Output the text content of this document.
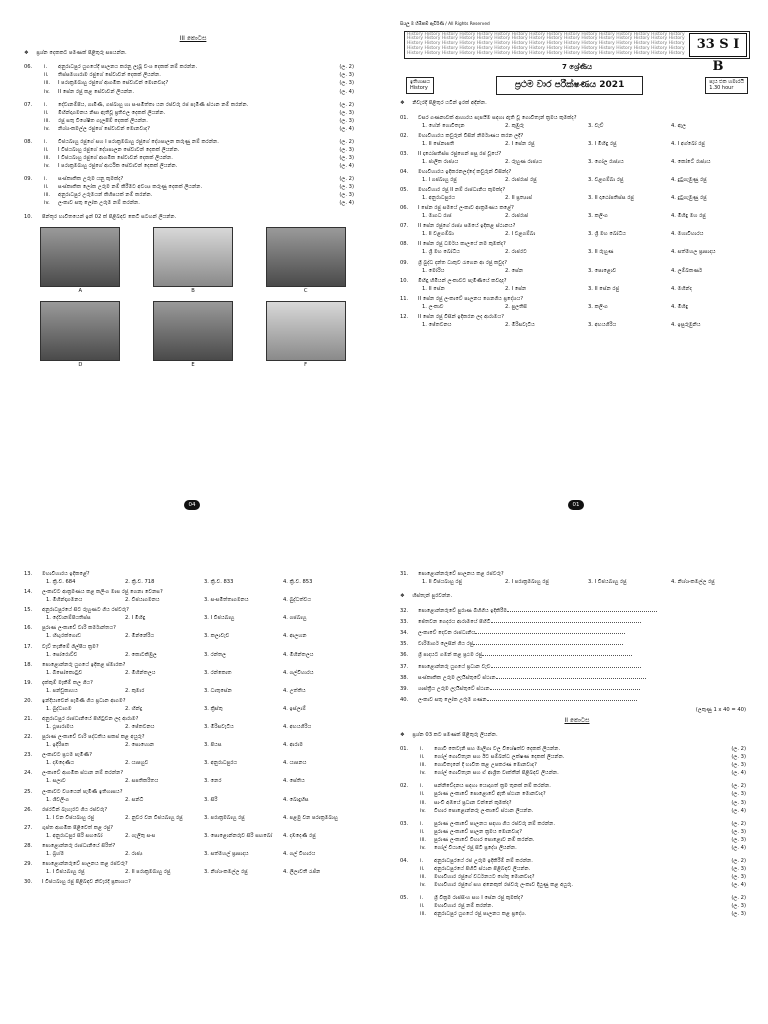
III කොටස
❖ ප්‍රශ්න දෙකකට පමණක් පිළිතුරු සපයන්න.
06. i. අනුරාධපුර යුගයේදී පාලනය කරනු ලැබූ වංශ දෙකක් නම් කරන්න.	(ල. 2)
ii. තිස්සමහාරාම රජුගේ සේවාවන් දෙකක් ලියන්න.	(ල. 3)
iii. I පරාක්‍රමබාහු රජුගේ ආගමික සේවාවන් මොනවාද?	(ල. 3)
iv. II සේන රජු කළ සේවාවන් ලියන්න.	(ල. 4)
07. i. දේවානම්පිය, ගාමිණී, ගජබාහු හා සංඝමිත්තා යන රජවරු රජ පැමිණි ස්ථාන නම් කරන්න.	(ල. 2)
ii. මිහින්දාගමනය නිසා ඇතිවූ ප්‍රතිඵල දෙකක් ලියන්න.	(ල. 3)
iii. රජු සතු විශේෂිත ගැලපීම් දෙකක් ලියන්න.	(ල. 3)
iv. නිශ්ශංකමල්ල රජුගේ සේවාවන් මොනවාද?	(ල. 4)
08. i. විජයබාහු රජුගේ සහ I පරාක්‍රමබාහු රජුගේ දේශපාලන කරුණු නම් කරන්න.	(ල. 2)
ii. I විජයබාහු රජුගේ දේශපාලන සේවාවන් දෙකක් ලියන්න.	(ල. 3)
iii. I විජයබාහු රජුගේ ආගමික සේවාවන් දෙකක් ලියන්න.	(ල. 3)
iv. I පරාක්‍රමබාහු රජුගේ ආර්ථික සේවාවන් දෙකක් ලියන්න.	(ල. 4)
09. i. සංස්කෘතික උරුම යනු කුමක්ද?	(ල. 2)
ii. සංස්කෘතික ලෝක උරුම නම් කිරීමට අවශ්‍ය කරුණු දෙකක් ලියන්න.	(ල. 3)
iii. අනුරාධපුර උරුමයන් කිහිපයක් නම් කරන්න.	(ල. 3)
iv. ලංකාව සතු ලෝක උරුම නම් කරන්න.	(ල. 4)
10. පින්තූර භාවිතයෙන් ඉන් 02 ක් පිළිබඳව කෙටි සටහන් ලියන්න.
A	B	C
D	E	F
04
සියලු ම හිමිකම් ඇවිරිණි / All Rights Reserved
History History History History History History History History History History History History History History History History
History History History History History History History History History History History History History History History History
History History History History History History History History History History History History History History History History
History History History History History History History History History History History History History History History History
History History History History History History History History History History History History History History History History
33 S I B
7 ශ්‍රේණිය
ඉතිහාසය
History	ප්‍රථම වාර පරීක්ෂණය 2021	පැය එක හමාරයි
1.30 hour
❖ නිවැරදි පිළිතුර යටින් ඉරක් අඳින්න.
01. වසර ගණනාවක් ආහාරය සැපයීම සඳහා ඇති වූ ගොවිතැන් ක්‍රමය කුමක්ද?
1. හේන් ගොවිතැන	2. කුඹුරු	3. වැව්	4. ඇල
02. මහාවිහාරය කවුරුන් විසින් නිර්මාණය කරන ලදී?
1. II සේනාපති	2. I සේන රජු	3. I මිහිඳු රජු	4. I අග්බෝ රජු
03. II දාඨෝපතිස්ස රජුගෙන් පසු රජ වූයේ?
1. ජාලිත රාජ්‍යය	2. රුහුණ රාජ්‍යය	3. ගෝල රාජ්‍යය	4. කෝටේ රාජ්‍යය
04. මහාවිහාරය ඉදිකරනලද්දේ කවුරුන් විසින්ද?
1. I ගජබාහු රජු	2. රාජරාජ රජු	3. වළගම්බා රජු	4. දුටුගැමුණු රජු
05. මහාවිහාර රජු II නම් රාජධානිය කුමක්ද?
1. අනුරාධපුරය	2. II ප්‍රත්‍යාස්	3. II දාඨෝපතිස්ස රජු	4. දුටුගැමුණු රජු
06. I සේන රජු සමයේ ලංකාව ආක්‍රමණය කළේ?
1. මාගධ රාජ	2. රාජරාජ	3. කලිංග	4. මිහිඳු මහ රජු
07. II සේන රජුගේ රාජ්‍ය සමයේ ඉදිකළ ස්ථානය?
1. II වළගම්බා	2. I වළගම්බා	3. ශ්‍රී මහ බෝධිය	4. මහාවිහාරය
08. II සේන රජු ධර්මය කාලයේ නම කුමක්ද?
1. ශ්‍රී මහ බෝධිය	2. රාජරට	3. II රුහුණ	4. සත්මහල ප්‍රාසාදය
09. ශ්‍රී බුද්ධ දන්ත ධාතුව රැගෙන ආ රජු කවුද?
1. මෝරිය	2. සේන	3. පොළොව	4. ලම්බකර්ණ
10. මිහිඳු හිමියන් ලංකාවට පැමිණියේ කවදාද?
1. II සේන	2. I සේන	3. II සේන රජු	4. මහින්ද
11. II සේන රජු ලංකාවේ පාලනය ගෙනගිය ප්‍රදේශය?
1. ලංකාව	2. පුලතිසි	3. කලිංග	4. මිහිඳු
12. II සේන රජු විසින් ඉදිකරන ලද ආරාමය?
1. ජේතවනය	2. මිරිසවැටිය	3. අභයගිරිය	4. ඉසුරුමුනිය
01
13. මහාවිහාරය ඉදිකළේ?
1. ක්‍රි.ව. 684	2. ක්‍රි.ව. 718	3. ක්‍රි.ව. 833	4. ක්‍රි.ව. 853
14. ලංකාවට ආක්‍රමණය කළ කලිංග මාඝ රජු ගෙනා වෙනස?
1. මිහින්දාගමනය	2. විජයාගමනය	3. සංඝමිත්තාගමනය	4. බුද්ධත්වය
15. අනුරාධපුරයේ සිට රුහුණට ගිය රජවරු?
1. දේවානම්පියතිස්ස	2. I මිහිඳු	3. I විජයබාහු	4. ගජබාහු
16. පුරාණ ලංකාවේ වාරි කර්මාන්තය?
1. හිඟුරක්ගොඩ	2. මින්නේරිය	3. කලාවැව	4. ආලහන
17. වැව් තැනීමේ ශිල්පීය ක්‍රම?
1. සෝරොව්ව	2. කොටකිඹුල	3. රන්තල	4. මිහින්තලය
18. පොළොන්නරු යුගයේ ඉදිකළ ස්මාරක?
1. බිසෝකොටුව	2. මිහින්තලය	3. රන්කොත	4. ගල්විහාරය
19. දැක්කුම් මැකීම් කල ගිය?
1. පන්ඩුකාභය	2. කුමාර	3. ධාතුසේන	4. උත්තිය
20. ඉන්දියාවෙන් පැමිණි ගිය ප්‍රධාන ආගම?
1. බුද්ධාගම	2. හින්දු	3. ක්‍රිස්තු	4. ඉස්ලාම්
21. අනුරාධපුර රාජධානියේ පිහිටුවන ලද ආරාම?
1. ථූපාරාමය	2. ජේතවනය	3. මිරිසවැටිය	4. අභයගිරිය
22. පුරාණ ලංකාවේ වාරි පද්ධතිය සකස් කළ අයුරු?
1. ඉදිරිපත	2. සොහොන	3. පියස	4. ආරාම
23. ලංකාවට ප්‍රථම පැමිණි?
1. දඹදෙණිය	2. යාපහුව	3. අනුරාධපුරය	4. යාපනය
24. ලංකාවේ ආගමික ස්ථාන නම් කරන්න?
1. සලාව	2. සපතිකරිතය	3. නෙර	4. සේතිය
25. ලංකාවට වශයෙන් පැමිණි ඉතිහාසය?
1. ශිවලිංග	2. සන්ධි	3. සිරි	4. බොදුහිස
26. රජරටින් බැහැරට ගිය රජවරු?
1. I වන විජයබාහු රජු	2. නුවර වන විජයබාහු රජු	3. පරාක්‍රමබාහු රජු	4. පළමු වන පරාක්‍රමබාහු
27. ගුප්ත ආගමික පිළිවෙත් කළ රජු?
1. අනුරාධපුර සිරි සඟබෝ	2. ගැලිතු සංඝ	3. පොළොන්නරුව සිරි සඟබෝ	4. දඹදෙණි රජු
28. පොළොන්නරු රාජධානියේ සිරිත්?
1. බ්‍රහ්ම	2. රාජ්‍ය	3. සත්මහල් ප්‍රාසාදය	4. ගල් විහාරය
29. පොළොන්නරුවේ පාලනය කළ රජවරු?
1. I විජයබාහු රජු	2. II පරාක්‍රමබාහු රජු	3. නිශ්ශංකමල්ල රජු	4. ලීලාවතී රැජින
30. I විජයබාහු රජු පිළිබඳව නිවැරදි ප්‍රකාශය?
31. පොළොන්නරුවේ පාලනය කළ රජවරු?
1. II විජයබාහු රජු	2. I පරාක්‍රමබාහු රජු	3. I විජයබාහු රජු	4. නිශ්ශංකමල්ල රජු
❖ හිස්තැන් පුරවන්න.
32. පොළොන්නරුවේ පුරාණ බිහිගිය ඉදිකිරීම
33. ජේතවන ගෙදරය ආරාමයේ පිහිටි
34. ලංකාවේ දෙවන රාජධානිය
35. වාරිමාර්ග ලෙසින් ගිය රජු
36. ශ්‍රී පාදයට ගමන් කළ ප්‍රථම රජු
37. පොළොන්නරු යුගයේ ප්‍රධාන වැව
38. සංස්කෘතික උරුම ලැයිස්තුවේ ස්ථාන
39. ශාස්ත්‍රීය උරුම ලැයිස්තුවේ ස්ථාන
40. ලංකාව සතු ලෝක උරුම ගණන
(ලකුණු 1 x 40 = 40)
II කොටස
❖ ප්‍රශ්න 03 කට පමණක් පිළිතුරු ලියන්න.
01. i. ගොවි තෙවැනි සහ මාලිගා වල විශේෂත්ව දෙකක් ලියන්න.	(ල. 2)
ii. ගෝල් ගොවිතැන සහ ඊට සම්බන්ධ ලක්ෂණ දෙකක් ලියන්න.	(ල. 3)
iii. ගොවිතැනේ දී භාවිත කළ උපකරණ මොනවාද?	(ල. 3)
iv. ගෝල් ගොවිතැන සහ ඒ ආශ්‍රිත වෘත්තීන් පිළිබඳව ලියන්න.	(ල. 4)
02. i. සන්නිවේදනය සඳහා යොදාගත් ක්‍රම තුනක් නම් කරන්න.	(ල. 2)
ii. පුරාණ ලංකාවේ පොළොවේ ඇති ස්ථාන මොනවාද?	(ල. 3)
iii. සාංචි අඹයේ ප්‍රධාන වන්නේ කුමක්ද?	(ල. 3)
iv. විහාර පොළොන්නරු ලංකාවේ ස්ථාන ලියන්න.	(ල. 4)
03. i. පුරාණ ලංකාවේ පාලනය සඳහා ගිය රජවරු නම් කරන්න.	(ල. 2)
ii. පුරාණ ලංකාවේ පාලන ක්‍රමය මොනවාද?	(ල. 3)
iii. පුරාණ ලංකාවේ විහාර පොළොව නම් කරන්න.	(ල. 3)
iv. ගෝල් වියාලේ රජු සිටි ප්‍රදේශ ලියන්න.	(ල. 4)
04. i. අනුරාධපුරයේ රජ උරුම ඉදිකිරීම් නම් කරන්න.	(ල. 2)
ii. අනුරාධපුරයේ පිහිටි ස්ථාන පිළිබඳව ලියන්න.	(ල. 3)
iii. මහාවිහාර රජුගේ වර්ධනයට හේතු මොනවාද?	(ල. 3)
iv. මහාවිහාර රජුගේ සහ අනෙකුත් රජවරු ලංකාව දියුණු කළ අයුරු.	(ල. 4)
05. i. ශ්‍රී වික්‍රම රාජසිංහ සහ I සේන රජු කුමක්ද?	(ල. 2)
ii. මහාවිහාර රජු නම් කරන්න.	(ල. 3)
iii. අනුරාධපුර යුගයේ රජු පාලනය කළ ප්‍රදේශ.	(ල. 3)
